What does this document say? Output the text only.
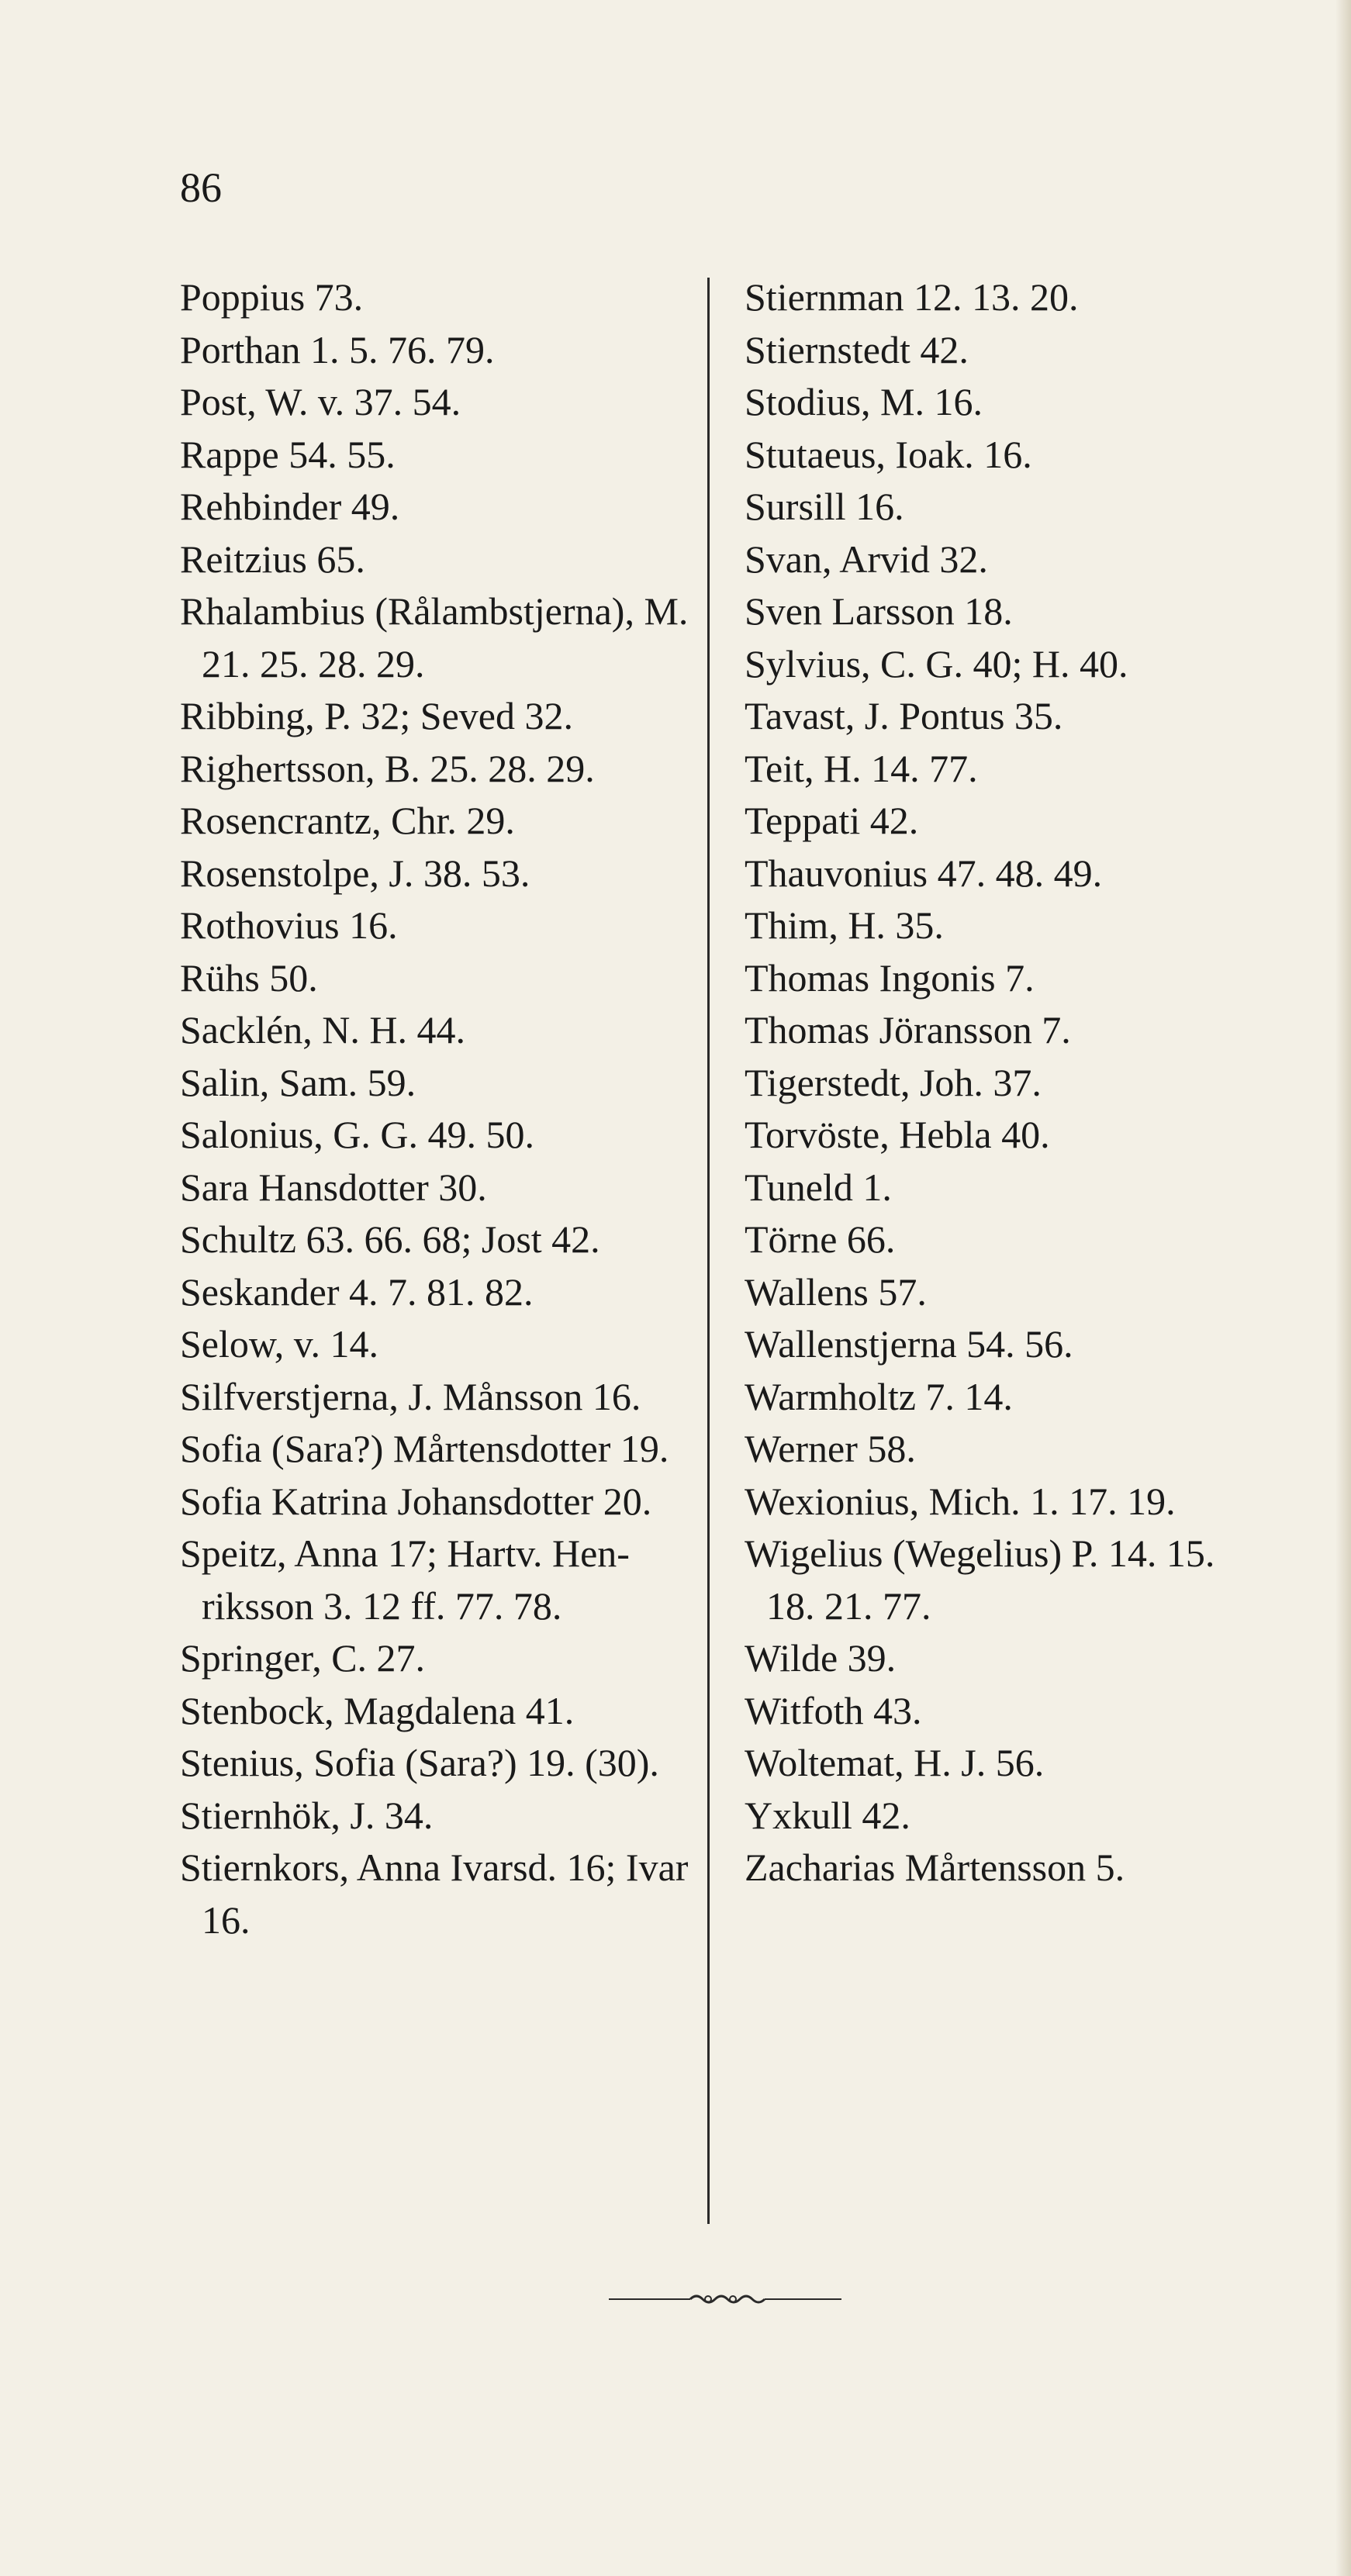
86
Poppius 73.
Porthan 1. 5. 76. 79.
Post, W. v. 37. 54.
Rappe 54. 55.
Rehbinder 49.
Reitzius 65.
Rhalambius (Rålambstjerna), M.
21. 25. 28. 29.
Ribbing, P. 32; Seved 32.
Righertsson, B. 25. 28. 29.
Rosencrantz, Chr. 29.
Rosenstolpe, J. 38. 53.
Rothovius 16.
Rühs 50.
Sacklén, N. H. 44.
Salin, Sam. 59.
Salonius, G. G. 49. 50.
Sara Hansdotter 30.
Schultz 63. 66. 68; Jost 42.
Seskander 4. 7. 81. 82.
Selow, v. 14.
Silfverstjerna, J. Månsson 16.
Sofia (Sara?) Mårtensdotter 19.
Sofia Katrina Johansdotter 20.
Speitz, Anna 17; Hartv. Hen-
riksson 3. 12 ff. 77. 78.
Springer, C. 27.
Stenbock, Magdalena 41.
Stenius, Sofia (Sara?) 19. (30).
Stiernhök, J. 34.
Stiernkors, Anna Ivarsd. 16; Ivar
16.
Stiernman 12. 13. 20.
Stiernstedt 42.
Stodius, M. 16.
Stutaeus, Ioak. 16.
Sursill 16.
Svan, Arvid 32.
Sven Larsson 18.
Sylvius, C. G. 40; H. 40.
Tavast, J. Pontus 35.
Teit, H. 14. 77.
Teppati 42.
Thauvonius 47. 48. 49.
Thim, H. 35.
Thomas Ingonis 7.
Thomas Jöransson 7.
Tigerstedt, Joh. 37.
Torvöste, Hebla 40.
Tuneld 1.
Törne 66.
Wallens 57.
Wallenstjerna 54. 56.
Warmholtz 7. 14.
Werner 58.
Wexionius, Mich. 1. 17. 19.
Wigelius (Wegelius) P. 14. 15.
18. 21. 77.
Wilde 39.
Witfoth 43.
Woltemat, H. J. 56.
Yxkull 42.
Zacharias Mårtensson 5.
